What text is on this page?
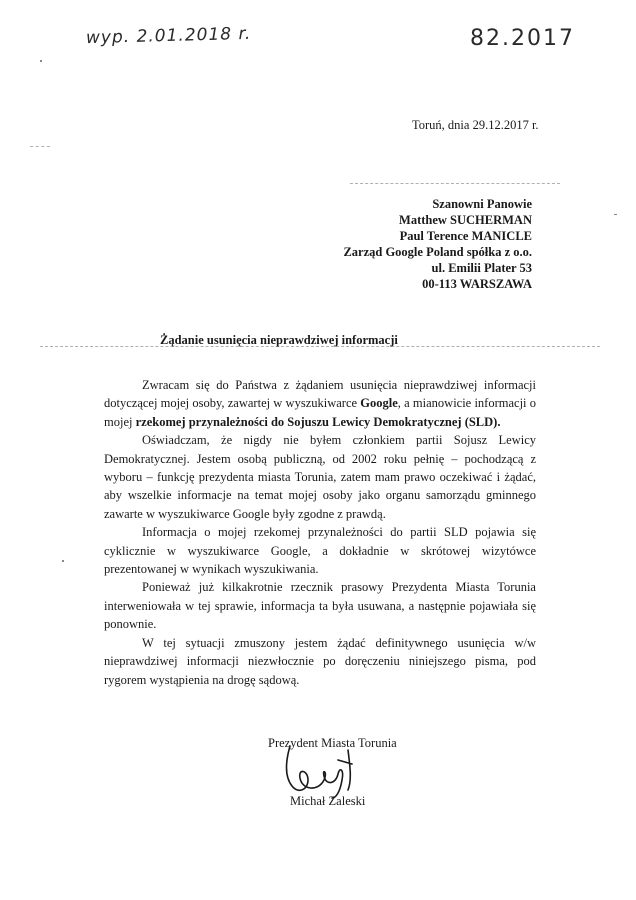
wyp. 2.01.2018 r.	82.2017
Toruń, dnia 29.12.2017 r.
Szanowni Panowie
Matthew SUCHERMAN
Paul Terence MANICLE
Zarząd Google Poland spółka z o.o.
ul. Emilii Plater 53
00-113 WARSZAWA
Żądanie usunięcia nieprawdziwej informacji

Zwracam się do Państwa z żądaniem usunięcia nieprawdziwej informacji dotyczącej mojej osoby, zawartej w wyszukiwarce Google, a mianowicie informacji o mojej rzekomej przynależności do Sojuszu Lewicy Demokratycznej (SLD).

Oświadczam, że nigdy nie byłem członkiem partii Sojusz Lewicy Demokratycznej. Jestem osobą publiczną, od 2002 roku pełnię – pochodzącą z wyboru – funkcję prezydenta miasta Torunia, zatem mam prawo oczekiwać i żądać, aby wszelkie informacje na temat mojej osoby jako organu samorządu gminnego zawarte w wyszukiwarce Google były zgodne z prawdą.

Informacja o mojej rzekomej przynależności do partii SLD pojawia się cyklicznie w wyszukiwarce Google, a dokładnie w skrótowej wizytówce prezentowanej w wynikach wyszukiwania.

Ponieważ już kilkakrotnie rzecznik prasowy Prezydenta Miasta Torunia interweniowała w tej sprawie, informacja ta była usuwana, a następnie pojawiała się ponownie.

W tej sytuacji zmuszony jestem żądać definitywnego usunięcia w/w nieprawdziwej informacji niezwłocznie po doręczeniu niniejszego pisma, pod rygorem wystąpienia na drogę sądową.

Prezydent Miasta Torunia
Michał Zaleski
